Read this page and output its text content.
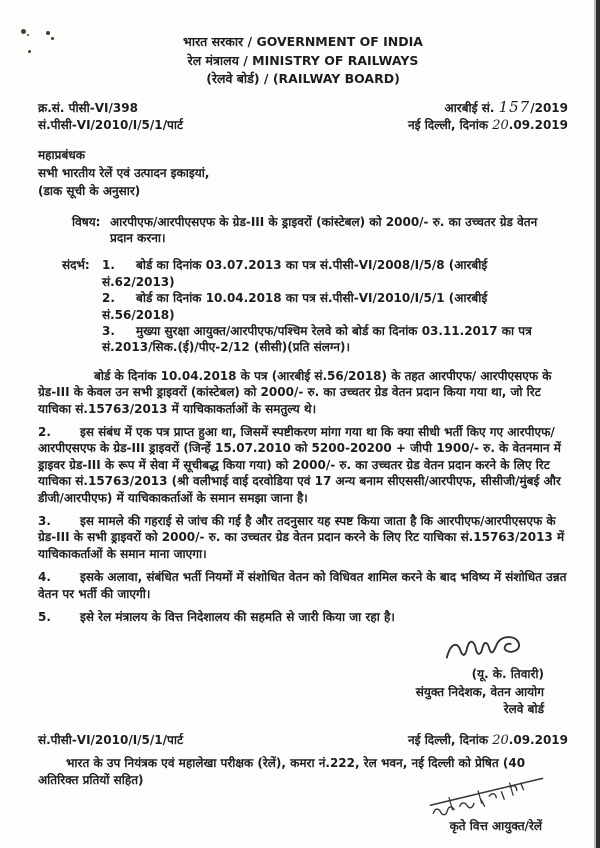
भारत सरकार / GOVERNMENT OF INDIA
रेल मंत्रालय / MINISTRY OF RAILWAYS
(रेलवे बोर्ड) / (RAILWAY BOARD)
क्र.सं. पीसी-VI/398	आरबीई सं. 157/2019
सं.पीसी-VI/2010/I/5/1/पार्ट	नई दिल्ली, दिनांक 20.09.2019
महाप्रबंधक
सभी भारतीय रेलें एवं उत्पादन इकाइयां,
(डाक सूची के अनुसार)
विषय: आरपीएफ/आरपीएसएफ के ग्रेड-III के ड्राइवरों (कांस्टेबल) को 2000/- रु. का उच्चतर ग्रेड वेतन प्रदान करना।
संदर्भ: 1. बोर्ड का दिनांक 03.07.2013 का पत्र सं.पीसी-VI/2008/I/5/8 (आरबीई सं.62/2013)
2. बोर्ड का दिनांक 10.04.2018 का पत्र सं.पीसी-VI/2010/I/5/1 (आरबीई सं.56/2018)
3. मुख्या सुरक्षा आयुक्त/आरपीएफ/पश्चिम रेलवे को बोर्ड का दिनांक 03.11.2017 का पत्र सं.2013/सिक.(ई)/पीए-2/12 (सीसी)(प्रति संलग्न)।
बोर्ड के दिनांक 10.04.2018 के पत्र (आरबीई सं.56/2018) के तहत आरपीएफ/ आरपीएसएफ के ग्रेड-III के केवल उन सभी ड्राइवरों (कांस्टेबल) को 2000/- रु. का उच्चतर ग्रेड वेतन प्रदान किया गया था, जो रिट याचिका सं.15763/2013 में याचिकाकर्ताओं के समतुल्य थे।
2. इस संबंध में एक पत्र प्राप्त हुआ था, जिसमें स्पष्टीकरण मांगा गया था कि क्या सीधी भर्ती किए गए आरपीएफ/आरपीएसएफ के ग्रेड-III ड्राइवरों (जिन्हें 15.07.2010 को 5200-20200 + जीपी 1900/- रु. के वेतनमान में ड्राइवर ग्रेड-III के रूप में सेवा में सूचीबद्ध किया गया) को 2000/- रु. का उच्चतर ग्रेड वेतन प्रदान करने के लिए रिट याचिका सं.15763/2013 (श्री वलीभाई वाई दरवोडिया एवं 17 अन्य बनाम सीएससी/आरपीएफ, सीसीजी/मुंबई और डीजी/आरपीएफ) में याचिकाकर्ताओं के समान समझा जाना है।
3. इस मामले की गहराई से जांच की गई है और तदनुसार यह स्पष्ट किया जाता है कि आरपीएफ/आरपीएसएफ के ग्रेड-III के सभी ड्राइवरों को 2000/- रु. का उच्चतर ग्रेड वेतन प्रदान करने के लिए रिट याचिका सं.15763/2013 में याचिकाकर्ताओं के समान माना जाएगा।
4. इसके अलावा, संबंधित भर्ती नियमों में संशोधित वेतन को विधिवत शामिल करने के बाद भविष्य में संशोधित उन्नत वेतन पर भर्ती की जाएगी।
5. इसे रेल मंत्रालय के वित्त निदेशालय की सहमति से जारी किया जा रहा है।
(यू. के. तिवारी)
संयुक्त निदेशक, वेतन आयोग
रेलवे बोर्ड
सं.पीसी-VI/2010/I/5/1/पार्ट	नई दिल्ली, दिनांक 20.09.2019
भारत के उप नियंत्रक एवं महालेखा परीक्षक (रेलें), कमरा नं.222, रेल भवन, नई दिल्ली को प्रेषित (40 अतिरिक्त प्रतियों सहित)
कृते वित्त आयुक्त/रेलें
